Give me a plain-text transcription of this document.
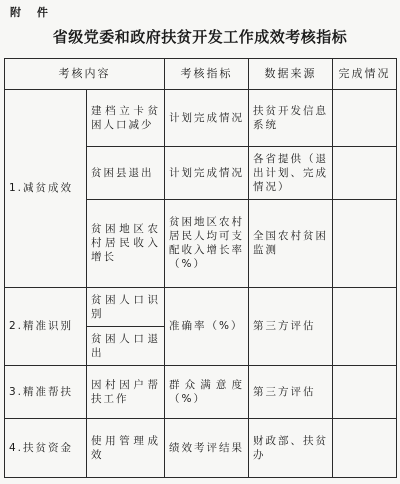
附 件
省级党委和政府扶贫开发工作成效考核指标
考核内容		考核指标	数据来源	完成情况
1.减贫成效	建档立卡贫困人口减少	计划完成情况	扶贫开发信息系统	
	贫困县退出	计划完成情况	各省提供（退出计划、完成情况）	
	贫困地区农村居民收入增长	贫困地区农村居民人均可支配收入增长率（%）	全国农村贫困监测	
2.精准识别	贫困人口识别	准确率（%）	第三方评估	
	贫困人口退出			
3.精准帮扶	因村因户帮扶工作	群众满意度（%）	第三方评估	
4.扶贫资金	使用管理成效	绩效考评结果	财政部、扶贫办	
